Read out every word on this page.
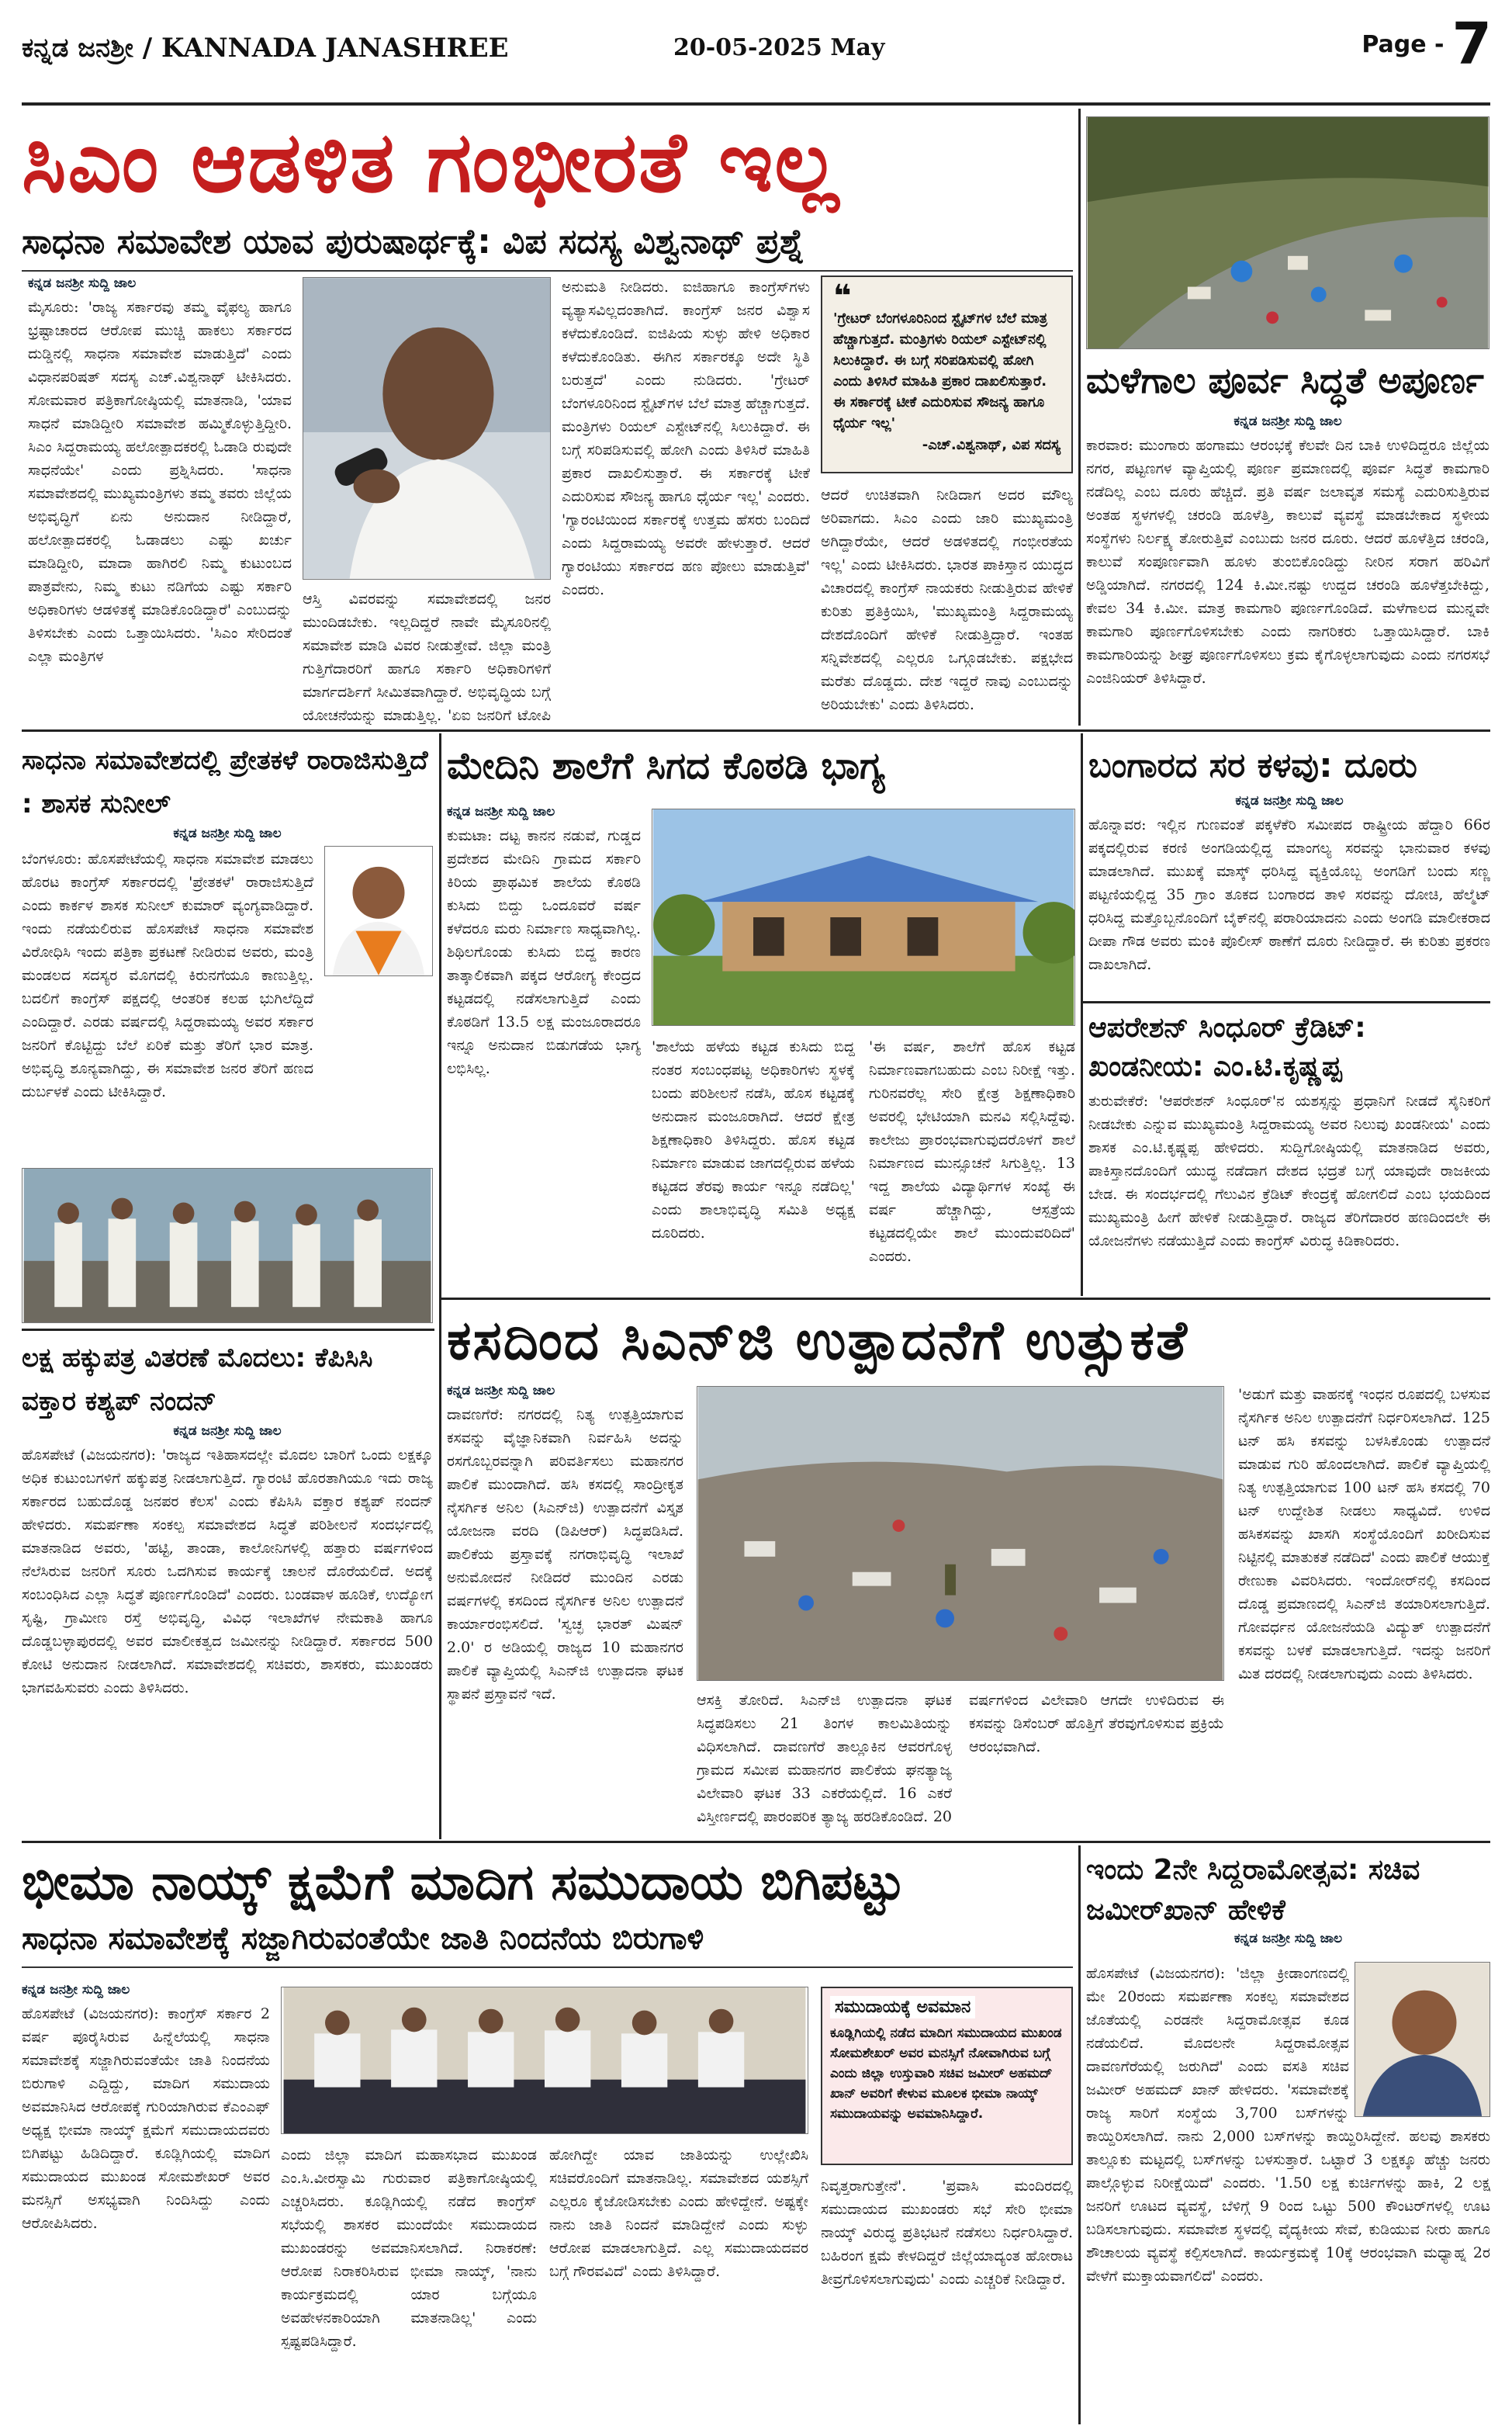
ಕನ್ನಡ ಜನಶ್ರೀ / KANNADA JANASHREE	20-05-2025 May	Page - 7
ಸಿಎಂ ಆಡಳಿತ ಗಂಭೀರತೆ ಇಲ್ಲ
ಸಾಧನಾ ಸಮಾವೇಶ ಯಾವ ಪುರುಷಾರ್ಥಕ್ಕೆ: ವಿಪ ಸದಸ್ಯ ವಿಶ್ವನಾಥ್ ಪ್ರಶ್ನೆ
ಕನ್ನಡ ಜನಶ್ರೀ ಸುದ್ದಿ ಜಾಲ
ಮೈಸೂರು: 'ರಾಜ್ಯ ಸರ್ಕಾರವು ತಮ್ಮ ವೈಫಲ್ಯ ಹಾಗೂ ಭ್ರಷ್ಟಾಚಾರದ ಆರೋಪ ಮುಚ್ಚಿ ಹಾಕಲು ಸರ್ಕಾರದ ದುಡ್ಡಿನಲ್ಲಿ ಸಾಧನಾ ಸಮಾವೇಶ ಮಾಡುತ್ತಿದೆ' ಎಂದು ವಿಧಾನಪರಿಷತ್ ಸದಸ್ಯ ಎಚ್.ವಿಶ್ವನಾಥ್ ಟೀಕಿಸಿದರು. ಸೋಮವಾರ ಪತ್ರಿಕಾಗೋಷ್ಠಿಯಲ್ಲಿ ಮಾತನಾಡಿ, 'ಯಾವ ಸಾಧನೆ ಮಾಡಿದ್ದೀರಿ ಸಮಾವೇಶ ಹಮ್ಮಿಕೊಳ್ಳುತ್ತಿದ್ದೀರಿ. ಸಿಎಂ ಸಿದ್ದರಾಮಯ್ಯ ಹಲೋತ್ಪಾದಕರಲ್ಲಿ ಓಡಾಡಿ ರುವುದೇ ಸಾಧನೆಯೇ' ಎಂದು ಪ್ರಶ್ನಿಸಿದರು. 'ಸಾಧನಾ ಸಮಾವೇಶದಲ್ಲಿ ಮುಖ್ಯಮಂತ್ರಿಗಳು ತಮ್ಮ ತವರು ಜಿಲ್ಲೆಯ ಅಭಿವೃದ್ಧಿಗೆ ಏನು ಅನುದಾನ ನೀಡಿದ್ದಾರೆ, ಹಲೋತ್ಪಾದಕರಲ್ಲಿ ಓಡಾಡಲು ಎಷ್ಟು ಖರ್ಚು ಮಾಡಿದ್ದೀರಿ, ಮಾದಾ ಹಾಗಿರಲಿ ನಿಮ್ಮ ಕುಟುಂಬದ ಪಾತ್ರವೇನು, ನಿಮ್ಮ ಕುಟು ನಡಿಗೆಯ ಎಷ್ಟು ಸರ್ಕಾರಿ ಅಧಿಕಾರಿಗಳು ಆಡಳಿತಕ್ಕೆ ಮಾಡಿಕೊಂಡಿದ್ದಾರೆ' ಎಂಬುದನ್ನು ತಿಳಿಸಬೇಕು ಎಂದು ಒತ್ತಾಯಿಸಿದರು. 'ಸಿಎಂ ಸೇರಿದಂತೆ ಎಲ್ಲಾ ಮಂತ್ರಿಗಳ
ಆಸ್ತಿ ವಿವರವನ್ನು ಸಮಾವೇಶದಲ್ಲಿ ಜನರ ಮುಂದಿಡಬೇಕು. ಇಲ್ಲದಿದ್ದರೆ ನಾವೇ ಮೈಸೂರಿನಲ್ಲಿ ಸಮಾವೇಶ ಮಾಡಿ ವಿವರ ನೀಡುತ್ತೇವೆ. ಜಿಲ್ಲಾ ಮಂತ್ರಿ ಗುತ್ತಿಗೆದಾರರಿಗೆ ಹಾಗೂ ಸರ್ಕಾರಿ ಅಧಿಕಾರಿಗಳಿಗೆ ಮಾರ್ಗದರ್ಶಿಗೆ ಸೀಮಿತವಾಗಿದ್ದಾರೆ. ಅಭಿವೃದ್ಧಿಯ ಬಗ್ಗೆ ಯೋಚನೆಯನ್ನು ಮಾಡುತ್ತಿಲ್ಲ. 'ಏಐ ಜನರಿಗೆ ಟೋಪಿ
ಅನುಮತಿ ನೀಡಿದರು. ಐಜಿಹಾಗೂ ಕಾಂಗ್ರೆಸ್‌ಗಳು ವ್ಯತ್ಯಾಸವಿಲ್ಲದಂತಾಗಿದೆ. ಕಾಂಗ್ರೆಸ್ ಜನರ ವಿಶ್ವಾಸ ಕಳೆದುಕೊಂಡಿದೆ. ಐಜಿಪಿಯ ಸುಳ್ಳು ಹೇಳಿ ಅಧಿಕಾರ ಕಳೆದುಕೊಂಡಿತು. ಈಗಿನ ಸರ್ಕಾರಕ್ಕೂ ಅದೇ ಸ್ಥಿತಿ ಬರುತ್ತದೆ' ಎಂದು ನುಡಿದರು. 'ಗ್ರೇಟರ್ ಬೆಂಗಳೂರಿನಿಂದ ಸ್ಟೈಟ್‌ಗಳ ಬೆಲೆ ಮಾತ್ರ ಹೆಚ್ಚಾಗುತ್ತದೆ. ಮಂತ್ರಿಗಳು ರಿಯಲ್ ಎಸ್ಟೇಟ್‌ನಲ್ಲಿ ಸಿಲುಕಿದ್ದಾರೆ. ಈ ಬಗ್ಗೆ ಸರಿಪಡಿಸುವಲ್ಲಿ ಹೋಗಿ ಎಂದು ತಿಳಿಸಿರೆ ಮಾಹಿತಿ ಪ್ರಕಾರ ದಾಖಲಿಸುತ್ತಾರೆ. ಈ ಸರ್ಕಾರಕ್ಕೆ ಟೀಕೆ ಎದುರಿಸುವ ಸೌಜನ್ಯ ಹಾಗೂ ಧೈರ್ಯ ಇಲ್ಲ' ಎಂದರು. 'ಗ್ಯಾರಂಟಿಯಿಂದ ಸರ್ಕಾರಕ್ಕೆ ಉತ್ತಮ ಹೆಸರು ಬಂದಿದೆ ಎಂದು ಸಿದ್ದರಾಮಯ್ಯ ಅವರೇ ಹೇಳುತ್ತಾರೆ. ಆದರೆ ಗ್ಯಾರಂಟಿಯು ಸರ್ಕಾರದ ಹಣ ಪೋಲು ಮಾಡುತ್ತಿವೆ' ಎಂದರು.
❝
'ಗ್ರೇಟರ್ ಬೆಂಗಳೂರಿನಿಂದ ಸ್ಟೈಟ್‌ಗಳ ಬೆಲೆ ಮಾತ್ರ ಹೆಚ್ಚಾಗುತ್ತದೆ. ಮಂತ್ರಿಗಳು ರಿಯಲ್ ಎಸ್ಟೇಟ್‌ನಲ್ಲಿ ಸಿಲುಕಿದ್ದಾರೆ. ಈ ಬಗ್ಗೆ ಸರಿಪಡಿಸುವಲ್ಲಿ ಹೋಗಿ ಎಂದು ತಿಳಿಸಿರೆ ಮಾಹಿತಿ ಪ್ರಕಾರ ದಾಖಲಿಸುತ್ತಾರೆ. ಈ ಸರ್ಕಾರಕ್ಕೆ ಟೀಕೆ ಎದುರಿಸುವ ಸೌಜನ್ಯ ಹಾಗೂ ಧೈರ್ಯ ಇಲ್ಲ'
-ಎಚ್.ವಿಶ್ವನಾಥ್, ವಿಪ ಸದಸ್ಯ
ಆದರೆ ಉಚಿತವಾಗಿ ನೀಡಿದಾಗ ಅದರ ಮೌಲ್ಯ ಅರಿವಾಗದು. ಸಿಎಂ ಎಂದು ಜಾರಿ ಮುಖ್ಯಮಂತ್ರಿ ಅಗಿದ್ದಾರೆಯೇ, ಆದರೆ ಅಡಳಿತದಲ್ಲಿ ಗಂಭೀರತೆಯ ಇಲ್ಲ' ಎಂದು ಟೀಕಿಸಿದರು. ಭಾರತ ಪಾಕಿಸ್ತಾನ ಯುದ್ಧದ ವಿಚಾರದಲ್ಲಿ ಕಾಂಗ್ರೆಸ್ ನಾಯಕರು ನೀಡುತ್ತಿರುವ ಹೇಳಿಕೆ ಕುರಿತು ಪ್ರತಿಕ್ರಿಯಿಸಿ, 'ಮುಖ್ಯಮಂತ್ರಿ ಸಿದ್ದರಾಮಯ್ಯ ದೇಶದೊಂದಿಗೆ ಹೇಳಿಕೆ ನೀಡುತ್ತಿದ್ದಾರೆ. ಇಂತಹ ಸನ್ನಿವೇಶದಲ್ಲಿ ಎಲ್ಲರೂ ಒಗ್ಗೂಡಬೇಕು. ಪಕ್ಷಭೇದ ಮರೆತು ದೊಡ್ಡದು. ದೇಶ ಇದ್ದರೆ ನಾವು ಎಂಬುದನ್ನು ಅರಿಯಬೇಕು' ಎಂದು ತಿಳಿಸಿದರು.
ಮಳೆಗಾಲ ಪೂರ್ವ ಸಿದ್ಧತೆ ಅಪೂರ್ಣ
ಕನ್ನಡ ಜನಶ್ರೀ ಸುದ್ದಿ ಜಾಲ
ಕಾರವಾರ: ಮುಂಗಾರು ಹಂಗಾಮು ಆರಂಭಕ್ಕೆ ಕೆಲವೇ ದಿನ ಬಾಕಿ ಉಳಿದಿದ್ದರೂ ಜಿಲ್ಲೆಯ ನಗರ, ಪಟ್ಟಣಗಳ ವ್ಯಾಪ್ತಿಯಲ್ಲಿ ಪೂರ್ಣ ಪ್ರಮಾಣದಲ್ಲಿ ಪೂರ್ವ ಸಿದ್ಧತೆ ಕಾಮಗಾರಿ ನಡೆದಿಲ್ಲ ಎಂಬ ದೂರು ಹೆಚ್ಚಿದೆ. ಪ್ರತಿ ವರ್ಷ ಜಲಾವೃತ ಸಮಸ್ಯೆ ಎದುರಿಸುತ್ತಿರುವ ಅಂತಹ ಸ್ಥಳಗಳಲ್ಲಿ ಚರಂಡಿ ಹೂಳೆತ್ತಿ, ಕಾಲುವೆ ವ್ಯವಸ್ಥೆ ಮಾಡಬೇಕಾದ ಸ್ಥಳೀಯ ಸಂಸ್ಥೆಗಳು ನಿರ್ಲಕ್ಷ್ಯ ತೋರುತ್ತಿವೆ ಎಂಬುದು ಜನರ ದೂರು. ಆದರೆ ಹೂಳೆತ್ತಿದ ಚರಂಡಿ, ಕಾಲುವೆ ಸಂಪೂರ್ಣವಾಗಿ ಹೂಳು ತುಂಬಿಕೊಂಡಿದ್ದು ನೀರಿನ ಸರಾಗ ಹರಿವಿಗೆ ಅಡ್ಡಿಯಾಗಿದೆ. ನಗರದಲ್ಲಿ 124 ಕಿ.ಮೀ.ನಷ್ಟು ಉದ್ದದ ಚರಂಡಿ ಹೂಳೆತ್ತಬೇಕಿದ್ದು, ಕೇವಲ 34 ಕಿ.ಮೀ. ಮಾತ್ರ ಕಾಮಗಾರಿ ಪೂರ್ಣಗೊಂಡಿದೆ. ಮಳೆಗಾಲದ ಮುನ್ನವೇ ಕಾಮಗಾರಿ ಪೂರ್ಣಗೊಳಿಸಬೇಕು ಎಂದು ನಾಗರಿಕರು ಒತ್ತಾಯಿಸಿದ್ದಾರೆ. ಬಾಕಿ ಕಾಮಗಾರಿಯನ್ನು ಶೀಘ್ರ ಪೂರ್ಣಗೊಳಿಸಲು ಕ್ರಮ ಕೈಗೊಳ್ಳಲಾಗುವುದು ಎಂದು ನಗರಸಭೆ ಎಂಜಿನಿಯರ್ ತಿಳಿಸಿದ್ದಾರೆ.
ಸಾಧನಾ ಸಮಾವೇಶದಲ್ಲಿ ಪ್ರೇತಕಳೆ ರಾರಾಜಿಸುತ್ತಿದೆ : ಶಾಸಕ ಸುನೀಲ್
ಕನ್ನಡ ಜನಶ್ರೀ ಸುದ್ದಿ ಜಾಲ
ಬೆಂಗಳೂರು: ಹೊಸಪೇಟೆಯಲ್ಲಿ ಸಾಧನಾ ಸಮಾವೇಶ ಮಾಡಲು ಹೊರಟ ಕಾಂಗ್ರೆಸ್ ಸರ್ಕಾರದಲ್ಲಿ 'ಪ್ರೇತಕಳೆ' ರಾರಾಜಿಸುತ್ತಿದೆ ಎಂದು ಕಾರ್ಕಳ ಶಾಸಕ ಸುನೀಲ್ ಕುಮಾರ್ ವ್ಯಂಗ್ಯವಾಡಿದ್ದಾರೆ. ಇಂದು ನಡೆಯಲಿರುವ ಹೊಸಪೇಟೆ ಸಾಧನಾ ಸಮಾವೇಶ ವಿರೋಧಿಸಿ ಇಂದು ಪತ್ರಿಕಾ ಪ್ರಕಟಣೆ ನೀಡಿರುವ ಅವರು, ಮಂತ್ರಿ ಮಂಡಲದ ಸದಸ್ಯರ ಮೊಗದಲ್ಲಿ ಕಿರುನಗೆಯೂ ಕಾಣುತ್ತಿಲ್ಲ. ಬದಲಿಗೆ ಕಾಂಗ್ರೆಸ್ ಪಕ್ಷದಲ್ಲಿ ಆಂತರಿಕ ಕಲಹ ಭುಗಿಲೆದ್ದಿದೆ ಎಂದಿದ್ದಾರೆ. ಎರಡು ವರ್ಷದಲ್ಲಿ ಸಿದ್ದರಾಮಯ್ಯ ಅವರ ಸರ್ಕಾರ ಜನರಿಗೆ ಕೊಟ್ಟಿದ್ದು ಬೆಲೆ ಏರಿಕೆ ಮತ್ತು ತೆರಿಗೆ ಭಾರ ಮಾತ್ರ. ಅಭಿವೃದ್ಧಿ ಶೂನ್ಯವಾಗಿದ್ದು, ಈ ಸಮಾವೇಶ ಜನರ ತೆರಿಗೆ ಹಣದ ದುರ್ಬಳಕೆ ಎಂದು ಟೀಕಿಸಿದ್ದಾರೆ.
ಲಕ್ಷ ಹಕ್ಕುಪತ್ರ ವಿತರಣೆ ಮೊದಲು: ಕೆಪಿಸಿಸಿ ವಕ್ತಾರ ಕಶ್ಯಪ್ ನಂದನ್
ಕನ್ನಡ ಜನಶ್ರೀ ಸುದ್ದಿ ಜಾಲ
ಹೊಸಪೇಟೆ (ವಿಜಯನಗರ): 'ರಾಜ್ಯದ ಇತಿಹಾಸದಲ್ಲೇ ಮೊದಲ ಬಾರಿಗೆ ಒಂದು ಲಕ್ಷಕ್ಕೂ ಅಧಿಕ ಕುಟುಂಬಗಳಿಗೆ ಹಕ್ಕುಪತ್ರ ನೀಡಲಾಗುತ್ತಿದೆ. ಗ್ಯಾರಂಟಿ ಹೊರತಾಗಿಯೂ ಇದು ರಾಜ್ಯ ಸರ್ಕಾರದ ಬಹುದೊಡ್ಡ ಜನಪರ ಕೆಲಸ' ಎಂದು ಕೆಪಿಸಿಸಿ ವಕ್ತಾರ ಕಶ್ಯಪ್ ನಂದನ್ ಹೇಳಿದರು. ಸಮರ್ಪಣಾ ಸಂಕಲ್ಪ ಸಮಾವೇಶದ ಸಿದ್ಧತೆ ಪರಿಶೀಲನೆ ಸಂದರ್ಭದಲ್ಲಿ ಮಾತನಾಡಿದ ಅವರು, 'ಹಟ್ಟಿ, ತಾಂಡಾ, ಕಾಲೋನಿಗಳಲ್ಲಿ ಹತ್ತಾರು ವರ್ಷಗಳಿಂದ ನೆಲೆಸಿರುವ ಜನರಿಗೆ ಸೂರು ಒದಗಿಸುವ ಕಾರ್ಯಕ್ಕೆ ಚಾಲನೆ ದೊರೆಯಲಿದೆ. ಅದಕ್ಕೆ ಸಂಬಂಧಿಸಿದ ಎಲ್ಲಾ ಸಿದ್ಧತೆ ಪೂರ್ಣಗೊಂಡಿದೆ' ಎಂದರು. ಬಂಡವಾಳ ಹೂಡಿಕೆ, ಉದ್ಯೋಗ ಸೃಷ್ಟಿ, ಗ್ರಾಮೀಣ ರಸ್ತೆ ಅಭಿವೃದ್ಧಿ, ವಿವಿಧ ಇಲಾಖೆಗಳ ನೇಮಕಾತಿ ಹಾಗೂ ದೊಡ್ಡಬಳ್ಳಾಪುರದಲ್ಲಿ ಅವರ ಮಾಲೀಕತ್ವದ ಜಮೀನನ್ನು ನೀಡಿದ್ದಾರೆ. ಸರ್ಕಾರದ 500 ಕೋಟಿ ಅನುದಾನ ನೀಡಲಾಗಿದೆ. ಸಮಾವೇಶದಲ್ಲಿ ಸಚಿವರು, ಶಾಸಕರು, ಮುಖಂಡರು ಭಾಗವಹಿಸುವರು ಎಂದು ತಿಳಿಸಿದರು.
ಮೇದಿನಿ ಶಾಲೆಗೆ ಸಿಗದ ಕೊಠಡಿ ಭಾಗ್ಯ
ಕನ್ನಡ ಜನಶ್ರೀ ಸುದ್ದಿ ಜಾಲ
ಕುಮಟಾ: ದಟ್ಟ ಕಾನನ ನಡುವೆ, ಗುಡ್ಡದ ಪ್ರದೇಶದ ಮೇದಿನಿ ಗ್ರಾಮದ ಸರ್ಕಾರಿ ಕಿರಿಯ ಪ್ರಾಥಮಿಕ ಶಾಲೆಯ ಕೊಠಡಿ ಕುಸಿದು ಬಿದ್ದು ಒಂದೂವರೆ ವರ್ಷ ಕಳೆದರೂ ಮರು ನಿರ್ಮಾಣ ಸಾಧ್ಯವಾಗಿಲ್ಲ. ಶಿಥಿಲಗೊಂಡು ಕುಸಿದು ಬಿದ್ದ ಕಾರಣ ತಾತ್ಕಾಲಿಕವಾಗಿ ಪಕ್ಕದ ಆರೋಗ್ಯ ಕೇಂದ್ರದ ಕಟ್ಟಡದಲ್ಲಿ ನಡೆಸಲಾಗುತ್ತಿದೆ ಎಂದು ಕೊಠಡಿಗೆ 13.5 ಲಕ್ಷ ಮಂಜೂರಾದರೂ ಇನ್ನೂ ಅನುದಾನ ಬಿಡುಗಡೆಯ ಭಾಗ್ಯ ಲಭಿಸಿಲ್ಲ.
'ಶಾಲೆಯ ಹಳೆಯ ಕಟ್ಟಡ ಕುಸಿದು ಬಿದ್ದ ನಂತರ ಸಂಬಂಧಪಟ್ಟ ಅಧಿಕಾರಿಗಳು ಸ್ಥಳಕ್ಕೆ ಬಂದು ಪರಿಶೀಲನೆ ನಡೆಸಿ, ಹೊಸ ಕಟ್ಟಡಕ್ಕೆ ಅನುದಾನ ಮಂಜೂರಾಗಿದೆ. ಆದರೆ ಕ್ಷೇತ್ರ ಶಿಕ್ಷಣಾಧಿಕಾರಿ ತಿಳಿಸಿದ್ದರು. ಹೊಸ ಕಟ್ಟಡ ನಿರ್ಮಾಣ ಮಾಡುವ ಜಾಗದಲ್ಲಿರುವ ಹಳೆಯ ಕಟ್ಟಡದ ತೆರವು ಕಾರ್ಯ ಇನ್ನೂ ನಡೆದಿಲ್ಲ' ಎಂದು ಶಾಲಾಭಿವೃದ್ಧಿ ಸಮಿತಿ ಅಧ್ಯಕ್ಷ ದೂರಿದರು.
'ಈ ವರ್ಷ, ಶಾಲೆಗೆ ಹೊಸ ಕಟ್ಟಡ ನಿರ್ಮಾಣವಾಗಬಹುದು ಎಂಬ ನಿರೀಕ್ಷೆ ಇತ್ತು. ಗುರಿನವರೆಲ್ಲ ಸೇರಿ ಕ್ಷೇತ್ರ ಶಿಕ್ಷಣಾಧಿಕಾರಿ ಅವರಲ್ಲಿ ಭೇಟಿಯಾಗಿ ಮನವಿ ಸಲ್ಲಿಸಿದ್ದೆವು. ಕಾಲೇಜು ಪ್ರಾರಂಭವಾಗುವುದರೊಳಗೆ ಶಾಲೆ ನಿರ್ಮಾಣದ ಮುನ್ಸೂಚನೆ ಸಿಗುತ್ತಿಲ್ಲ. 13 ಇದ್ದ ಶಾಲೆಯ ವಿದ್ಯಾರ್ಥಿಗಳ ಸಂಖ್ಯೆ ಈ ವರ್ಷ ಹೆಚ್ಚಾಗಿದ್ದು, ಆಸ್ಪತ್ರೆಯ ಕಟ್ಟಡದಲ್ಲಿಯೇ ಶಾಲೆ ಮುಂದುವರಿದಿದೆ' ಎಂದರು.
ಬಂಗಾರದ ಸರ ಕಳವು: ದೂರು
ಕನ್ನಡ ಜನಶ್ರೀ ಸುದ್ದಿ ಜಾಲ
ಹೊನ್ನಾವರ: ಇಲ್ಲಿನ ಗುಣವಂತೆ ಪಕ್ಕಳೆಕೆರಿ ಸಮೀಪದ ರಾಷ್ಟ್ರೀಯ ಹೆದ್ದಾರಿ 66ರ ಪಕ್ಕದಲ್ಲಿರುವ ಕರಣಿ ಅಂಗಡಿಯಲ್ಲಿದ್ದ ಮಾಂಗಲ್ಯ ಸರವನ್ನು ಭಾನುವಾರ ಕಳವು ಮಾಡಲಾಗಿದೆ. ಮುಖಕ್ಕೆ ಮಾಸ್ಕ್ ಧರಿಸಿದ್ದ ವ್ಯಕ್ತಿಯೊಬ್ಬ ಅಂಗಡಿಗೆ ಬಂದು ಸಣ್ಣ ಪಟ್ಟಣಿಯಲ್ಲಿದ್ದ 35 ಗ್ರಾಂ ತೂಕದ ಬಂಗಾರದ ತಾಳಿ ಸರವನ್ನು ದೋಚಿ, ಹೆಲ್ಮೆಟ್ ಧರಿಸಿದ್ದ ಮತ್ತೊಬ್ಬನೊಂದಿಗೆ ಬೈಕ್‌ನಲ್ಲಿ ಪರಾರಿಯಾದನು ಎಂದು ಅಂಗಡಿ ಮಾಲೀಕರಾದ ದೀಪಾ ಗೌಡ ಅವರು ಮಂಕಿ ಪೊಲೀಸ್ ಠಾಣೆಗೆ ದೂರು ನೀಡಿದ್ದಾರೆ. ಈ ಕುರಿತು ಪ್ರಕರಣ ದಾಖಲಾಗಿದೆ.
ಆಪರೇಶನ್ ಸಿಂಧೂರ್ ಕ್ರೆಡಿಟ್: ಖಂಡನೀಯ: ಎಂ.ಟಿ.ಕೃಷ್ಣಪ್ಪ
ತುರುವೇಕೆರೆ: 'ಆಪರೇಶನ್ ಸಿಂಧೂರ್'ನ ಯಶಸ್ಸನ್ನು ಪ್ರಧಾನಿಗೆ ನೀಡದೆ ಸೈನಿಕರಿಗೆ ನೀಡಬೇಕು ಎನ್ನುವ ಮುಖ್ಯಮಂತ್ರಿ ಸಿದ್ದರಾಮಯ್ಯ ಅವರ ನಿಲುವು ಖಂಡನೀಯ' ಎಂದು ಶಾಸಕ ಎಂ.ಟಿ.ಕೃಷ್ಣಪ್ಪ ಹೇಳಿದರು. ಸುದ್ದಿಗೋಷ್ಠಿಯಲ್ಲಿ ಮಾತನಾಡಿದ ಅವರು, ಪಾಕಿಸ್ತಾನದೊಂದಿಗೆ ಯುದ್ಧ ನಡೆದಾಗ ದೇಶದ ಭದ್ರತೆ ಬಗ್ಗೆ ಯಾವುದೇ ರಾಜಕೀಯ ಬೇಡ. ಈ ಸಂದರ್ಭದಲ್ಲಿ ಗೆಲುವಿನ ಕ್ರೆಡಿಟ್ ಕೇಂದ್ರಕ್ಕೆ ಹೋಗಲಿದೆ ಎಂಬ ಭಯದಿಂದ ಮುಖ್ಯಮಂತ್ರಿ ಹೀಗೆ ಹೇಳಿಕೆ ನೀಡುತ್ತಿದ್ದಾರೆ. ರಾಜ್ಯದ ತೆರಿಗೆದಾರರ ಹಣದಿಂದಲೇ ಈ ಯೋಜನೆಗಳು ನಡೆಯುತ್ತಿದೆ ಎಂದು ಕಾಂಗ್ರೆಸ್ ವಿರುದ್ಧ ಕಿಡಿಕಾರಿದರು.
ಕಸದಿಂದ ಸಿಎನ್‌ಜಿ ಉತ್ಪಾದನೆಗೆ ಉತ್ಸುಕತೆ
ಕನ್ನಡ ಜನಶ್ರೀ ಸುದ್ದಿ ಜಾಲ
ದಾವಣಗೆರೆ: ನಗರದಲ್ಲಿ ನಿತ್ಯ ಉತ್ಪತ್ತಿಯಾಗುವ ಕಸವನ್ನು ವೈಜ್ಞಾನಿಕವಾಗಿ ನಿರ್ವಹಿಸಿ ಅದನ್ನು ರಸಗೊಬ್ಬರವನ್ನಾಗಿ ಪರಿವರ್ತಿಸಲು ಮಹಾನಗರ ಪಾಲಿಕೆ ಮುಂದಾಗಿದೆ. ಹಸಿ ಕಸದಲ್ಲಿ ಸಾಂದ್ರೀಕೃತ ನೈಸರ್ಗಿಕ ಅನಿಲ (ಸಿಎನ್‌ಜಿ) ಉತ್ಪಾದನೆಗೆ ವಿಸ್ತೃತ ಯೋಜನಾ ವರದಿ (ಡಿಪಿಆರ್) ಸಿದ್ಧಪಡಿಸಿದೆ. ಪಾಲಿಕೆಯ ಪ್ರಸ್ತಾವಕ್ಕೆ ನಗರಾಭಿವೃದ್ಧಿ ಇಲಾಖೆ ಅನುಮೋದನೆ ನೀಡಿದರೆ ಮುಂದಿನ ಎರಡು ವರ್ಷಗಳಲ್ಲಿ ಕಸದಿಂದ ನೈಸರ್ಗಿಕ ಅನಿಲ ಉತ್ಪಾದನೆ ಕಾರ್ಯಾರಂಭಿಸಲಿದೆ. 'ಸ್ವಚ್ಛ ಭಾರತ್ ಮಿಷನ್ 2.0' ರ ಅಡಿಯಲ್ಲಿ ರಾಜ್ಯದ 10 ಮಹಾನಗರ ಪಾಲಿಕೆ ವ್ಯಾಪ್ತಿಯಲ್ಲಿ ಸಿಎನ್‌ಜಿ ಉತ್ಪಾದನಾ ಘಟಕ ಸ್ಥಾಪನೆ ಪ್ರಸ್ತಾವನೆ ಇದೆ.	ಆಸಕ್ತಿ ತೋರಿದೆ. ಸಿಎನ್‌ಜಿ ಉತ್ಪಾದನಾ ಘಟಕ ಸಿದ್ಧಪಡಿಸಲು 21 ತಿಂಗಳ ಕಾಲಮಿತಿಯನ್ನು ವಿಧಿಸಲಾಗಿದೆ. ದಾವಣಗೆರೆ ತಾಲ್ಲೂಕಿನ ಆವರಗೊಳ್ಳ ಗ್ರಾಮದ ಸಮೀಪ ಮಹಾನಗರ ಪಾಲಿಕೆಯ ಘನತ್ಯಾಜ್ಯ ವಿಲೇವಾರಿ ಘಟಕ 33 ಎಕರೆಯಲ್ಲಿದೆ. 16 ಎಕರೆ ವಿಸ್ತೀರ್ಣದಲ್ಲಿ ಪಾರಂಪರಿಕ ತ್ಯಾಜ್ಯ ಹರಡಿಕೊಂಡಿದೆ. 20 ವರ್ಷಗಳಿಂದ ವಿಲೇವಾರಿ ಆಗದೇ ಉಳಿದಿರುವ ಈ ಕಸವನ್ನು ಡಿಸೆಂಬರ್ ಹೊತ್ತಿಗೆ ತೆರವುಗೊಳಿಸುವ ಪ್ರಕ್ರಿಯೆ ಆರಂಭವಾಗಿದೆ.
'ಅಡುಗೆ ಮತ್ತು ವಾಹನಕ್ಕೆ ಇಂಧನ ರೂಪದಲ್ಲಿ ಬಳಸುವ ನೈಸರ್ಗಿಕ ಅನಿಲ ಉತ್ಪಾದನೆಗೆ ನಿರ್ಧರಿಸಲಾಗಿದೆ. 125 ಟನ್ ಹಸಿ ಕಸವನ್ನು ಬಳಸಿಕೊಂಡು ಉತ್ಪಾದನೆ ಮಾಡುವ ಗುರಿ ಹೊಂದಲಾಗಿದೆ. ಪಾಲಿಕೆ ವ್ಯಾಪ್ತಿಯಲ್ಲಿ ನಿತ್ಯ ಉತ್ಪತ್ತಿಯಾಗುವ 100 ಟನ್ ಹಸಿ ಕಸದಲ್ಲಿ 70 ಟನ್ ಉದ್ದೇಶಿತ ನೀಡಲು ಸಾಧ್ಯವಿದೆ. ಉಳಿದ ಹಸಿಕಸವನ್ನು ಖಾಸಗಿ ಸಂಸ್ಥೆಯೊಂದಿಗೆ ಖರೀದಿಸುವ ನಿಟ್ಟಿನಲ್ಲಿ ಮಾತುಕತೆ ನಡೆದಿದೆ' ಎಂದು ಪಾಲಿಕೆ ಆಯುಕ್ತೆ ರೇಣುಕಾ ವಿವರಿಸಿದರು. ಇಂದೋರ್‌ನಲ್ಲಿ ಕಸದಿಂದ ದೊಡ್ಡ ಪ್ರಮಾಣದಲ್ಲಿ ಸಿಎನ್‌ಜಿ ತಯಾರಿಸಲಾಗುತ್ತಿದೆ. ಗೋವರ್ಧನ ಯೋಜನೆಯಡಿ ವಿದ್ಯುತ್ ಉತ್ಪಾದನೆಗೆ ಕಸವನ್ನು ಬಳಕೆ ಮಾಡಲಾಗುತ್ತಿದೆ. ಇದನ್ನು ಜನರಿಗೆ ಮಿತ ದರದಲ್ಲಿ ನೀಡಲಾಗುವುದು ಎಂದು ತಿಳಿಸಿದರು.
ಭೀಮಾ ನಾಯ್ಕ್ ಕ್ಷಮೆಗೆ ಮಾದಿಗ ಸಮುದಾಯ ಬಿಗಿಪಟ್ಟು
ಸಾಧನಾ ಸಮಾವೇಶಕ್ಕೆ ಸಜ್ಜಾಗಿರುವಂತೆಯೇ ಜಾತಿ ನಿಂದನೆಯ ಬಿರುಗಾಳಿ
ಕನ್ನಡ ಜನಶ್ರೀ ಸುದ್ದಿ ಜಾಲ
ಹೊಸಪೇಟೆ (ವಿಜಯನಗರ): ಕಾಂಗ್ರೆಸ್ ಸರ್ಕಾರ 2 ವರ್ಷ ಪೂರೈಸಿರುವ ಹಿನ್ನೆಲೆಯಲ್ಲಿ ಸಾಧನಾ ಸಮಾವೇಶಕ್ಕೆ ಸಜ್ಜಾಗಿರುವಂತೆಯೇ ಜಾತಿ ನಿಂದನೆಯ ಬಿರುಗಾಳಿ ಎದ್ದಿದ್ದು, ಮಾದಿಗ ಸಮುದಾಯ ಅವಮಾನಿಸಿದ ಆರೋಪಕ್ಕೆ ಗುರಿಯಾಗಿರುವ ಕೆಎಂಎಫ್ ಅಧ್ಯಕ್ಷ ಭೀಮಾ ನಾಯ್ಕ್ ಕ್ಷಮೆಗೆ ಸಮುದಾಯದವರು ಬಿಗಿಪಟ್ಟು ಹಿಡಿದಿದ್ದಾರೆ. ಕೂಡ್ಲಿಗಿಯಲ್ಲಿ ಮಾದಿಗ ಸಮುದಾಯದ ಮುಖಂಡ ಸೋಮಶೇಖರ್ ಅವರ ಮನಸ್ಸಿಗೆ ಅಸಭ್ಯವಾಗಿ ನಿಂದಿಸಿದ್ದು ಎಂದು ಆರೋಪಿಸಿದರು.
ಎಂದು ಜಿಲ್ಲಾ ಮಾದಿಗ ಮಹಾಸಭಾದ ಮುಖಂಡ ಎಂ.ಸಿ.ವೀರಸ್ವಾಮಿ ಗುರುವಾರ ಪತ್ರಿಕಾಗೋಷ್ಠಿಯಲ್ಲಿ ಎಚ್ಚರಿಸಿದರು. ಕೂಡ್ಲಿಗಿಯಲ್ಲಿ ನಡೆದ ಕಾಂಗ್ರೆಸ್ ಸಭೆಯಲ್ಲಿ ಶಾಸಕರ ಮುಂದೆಯೇ ಸಮುದಾಯದ ಮುಖಂಡರನ್ನು ಅವಮಾನಿಸಲಾಗಿದೆ. ನಿರಾಕರಣೆ: ಆರೋಪ ನಿರಾಕರಿಸಿರುವ ಭೀಮಾ ನಾಯ್ಕ್, 'ನಾನು ಕಾರ್ಯಕ್ರಮದಲ್ಲಿ ಯಾರ ಬಗ್ಗೆಯೂ ಅವಹೇಳನಕಾರಿಯಾಗಿ ಮಾತನಾಡಿಲ್ಲ' ಎಂದು ಸ್ಪಷ್ಟಪಡಿಸಿದ್ದಾರೆ.
ಸಮುದಾಯಕ್ಕೆ ಅವಮಾನ
ಕೂಡ್ಲಿಗಿಯಲ್ಲಿ ನಡೆದ ಮಾದಿಗ ಸಮುದಾಯದ ಮುಖಂಡ ಸೋಮಶೇಖರ್ ಅವರ ಮನಸ್ಸಿಗೆ ನೋವಾಗಿರುವ ಬಗ್ಗೆ ಎಂದು ಜಿಲ್ಲಾ ಉಸ್ತುವಾರಿ ಸಚಿವ ಜಮೀರ್ ಅಹಮದ್ ಖಾನ್ ಅವರಿಗೆ ಕೇಳುವ ಮೂಲಕ ಭೀಮಾ ನಾಯ್ಕ್ ಸಮುದಾಯವನ್ನು ಅವಮಾನಿಸಿದ್ದಾರೆ.
ಹೋಗಿದ್ದೇ ಯಾವ ಜಾತಿಯನ್ನು ಉಲ್ಲೇಖಿಸಿ ಸಚಿವರೊಂದಿಗೆ ಮಾತನಾಡಿಲ್ಲ. ಸಮಾವೇಶದ ಯಶಸ್ಸಿಗೆ ಎಲ್ಲರೂ ಕೈಜೋಡಿಸಬೇಕು ಎಂದು ಹೇಳಿದ್ದೇನೆ. ಅಷ್ಟಕ್ಕೇ ನಾನು ಜಾತಿ ನಿಂದನೆ ಮಾಡಿದ್ದೇನೆ ಎಂದು ಸುಳ್ಳು ಆರೋಪ ಮಾಡಲಾಗುತ್ತಿದೆ. ಎಲ್ಲ ಸಮುದಾಯದವರ ಬಗ್ಗೆ ಗೌರವವಿದೆ' ಎಂದು ತಿಳಿಸಿದ್ದಾರೆ.
ನಿವೃತ್ತರಾಗುತ್ತೇನೆ'. 'ಪ್ರವಾಸಿ ಮಂದಿರದಲ್ಲಿ ಸಮುದಾಯದ ಮುಖಂಡರು ಸಭೆ ಸೇರಿ ಭೀಮಾ ನಾಯ್ಕ್ ವಿರುದ್ಧ ಪ್ರತಿಭಟನೆ ನಡೆಸಲು ನಿರ್ಧರಿಸಿದ್ದಾರೆ. ಬಹಿರಂಗ ಕ್ಷಮೆ ಕೇಳದಿದ್ದರೆ ಜಿಲ್ಲೆಯಾದ್ಯಂತ ಹೋರಾಟ ತೀವ್ರಗೊಳಿಸಲಾಗುವುದು' ಎಂದು ಎಚ್ಚರಿಕೆ ನೀಡಿದ್ದಾರೆ.
ಇಂದು 2ನೇ ಸಿದ್ದರಾಮೋತ್ಸವ: ಸಚಿವ ಜಮೀರ್‌ಖಾನ್ ಹೇಳಿಕೆ
ಕನ್ನಡ ಜನಶ್ರೀ ಸುದ್ದಿ ಜಾಲ
ಹೊಸಪೇಟೆ (ವಿಜಯನಗರ): 'ಜಿಲ್ಲಾ ಕ್ರೀಡಾಂಗಣದಲ್ಲಿ ಮೇ 20ರಂದು ಸಮರ್ಪಣಾ ಸಂಕಲ್ಪ ಸಮಾವೇಶದ ಜೊತೆಯಲ್ಲಿ ಎರಡನೇ ಸಿದ್ದರಾಮೋತ್ಸವ ಕೂಡ ನಡೆಯಲಿದೆ. ಮೊದಲನೇ ಸಿದ್ದರಾಮೋತ್ಸವ ದಾವಣಗೆರೆಯಲ್ಲಿ ಜರುಗಿದೆ' ಎಂದು ವಸತಿ ಸಚಿವ ಜಮೀರ್ ಅಹಮದ್ ಖಾನ್ ಹೇಳಿದರು. 'ಸಮಾವೇಶಕ್ಕೆ ರಾಜ್ಯ ಸಾರಿಗೆ ಸಂಸ್ಥೆಯ 3,700 ಬಸ್‌ಗಳನ್ನು ಕಾಯ್ದಿರಿಸಲಾಗಿದೆ. ನಾನು 2,000 ಬಸ್‌ಗಳನ್ನು ಕಾಯ್ದಿರಿಸಿದ್ದೇನೆ. ಹಲವು ಶಾಸಕರು ತಾಲ್ಲೂಕು ಮಟ್ಟದಲ್ಲಿ ಬಸ್‌ಗಳನ್ನು ಬಳಸುತ್ತಾರೆ. ಒಟ್ಟಾರೆ 3 ಲಕ್ಷಕ್ಕೂ ಹೆಚ್ಚು ಜನರು ಪಾಲ್ಗೊಳ್ಳುವ ನಿರೀಕ್ಷೆಯಿದೆ' ಎಂದರು. '1.50 ಲಕ್ಷ ಕುರ್ಚಿಗಳನ್ನು ಹಾಕಿ, 2 ಲಕ್ಷ ಜನರಿಗೆ ಊಟದ ವ್ಯವಸ್ಥೆ, ಬೆಳಿಗ್ಗೆ 9 ರಿಂದ ಒಟ್ಟು 500 ಕೌಂಟರ್‌ಗಳಲ್ಲಿ ಊಟ ಬಡಿಸಲಾಗುವುದು. ಸಮಾವೇಶ ಸ್ಥಳದಲ್ಲಿ ವೈದ್ಯಕೀಯ ಸೇವೆ, ಕುಡಿಯುವ ನೀರು ಹಾಗೂ ಶೌಚಾಲಯ ವ್ಯವಸ್ಥೆ ಕಲ್ಪಿಸಲಾಗಿದೆ. ಕಾರ್ಯಕ್ರಮಕ್ಕೆ 10ಕ್ಕೆ ಆರಂಭವಾಗಿ ಮಧ್ಯಾಹ್ನ 2ರ ವೇಳೆಗೆ ಮುಕ್ತಾಯವಾಗಲಿದೆ' ಎಂದರು.
